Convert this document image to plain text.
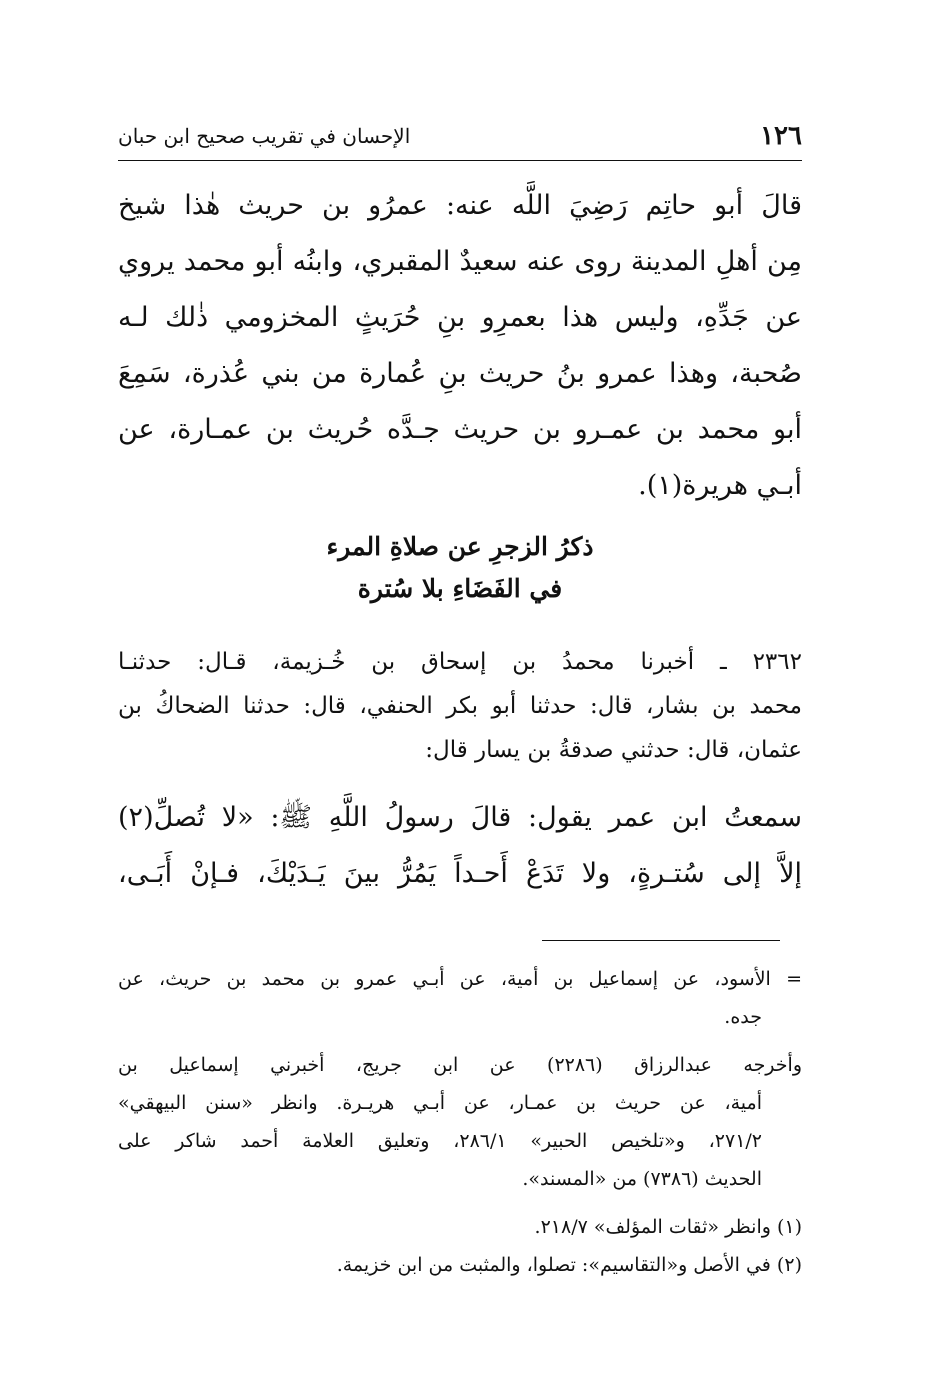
١٢٦
الإحسان في تقريب صحيح ابن حبان
قالَ أبو حاتِم رَضِيَ اللَّه عنه: عمرُو بن حريث هٰذا شيخ
مِن أهلِ المدينة روى عنه سعيدٌ المقبري، وابنُه أبو محمد يروي
عن جَدِّهِ، وليس هذا بعمرِو بنِ حُرَيثٍ المخزومي ذٰلك لـه
صُحبة، وهذا عمرو بنُ حريث بنِ عُمارة من بني عُذرة، سَمِعَ
أبو محمد بن عمـرو بن حريث جـدَّه حُريث بن عمـارة، عن
أبـي هريرة(١).
ذكرُ الزجرِ عن صلاةِ المرء
في الفَضَاءِ بلا سُترة
٢٣٦٢ ـ أخبرنا محمدُ بن إسحاق بن خُـزيمة، قـال: حدثنـا
محمد بن بشار، قال: حدثنا أبو بكر الحنفي، قال: حدثنا الضحاكُ بن
عثمان، قال: حدثني صدقةُ بن يسار قال:
سمعتُ ابن عمر يقول: قالَ رسولُ اللَّهِ ﷺ: «لا تُصلِّ(٢)
إلاَّ إلى سُتـرةٍ، ولا تَدَعْ أَحـداً يَمُرُّ بينَ يَـدَيْكَ، فـإنْ أَبَـى،
= الأسود، عن إسماعيل بن أمية، عن أبـي عمرو بن محمد بن حريث، عن
جده.
وأخرجه عبدالرزاق (٢٢٨٦) عن ابن جريج، أخبرني إسماعيل بن
أمية، عن حريث بن عمـار، عن أبـي هريـرة. وانظر «سنن البيهقي»
٢٧١/٢، و«تلخيص الحبير» ٢٨٦/١، وتعليق العلامة أحمد شاكر على
الحديث (٧٣٨٦) من «المسند».
(١) وانظر «ثقات المؤلف» ٢١٨/٧.
(٢) في الأصل و«التقاسيم»: تصلوا، والمثبت من ابن خزيمة.
